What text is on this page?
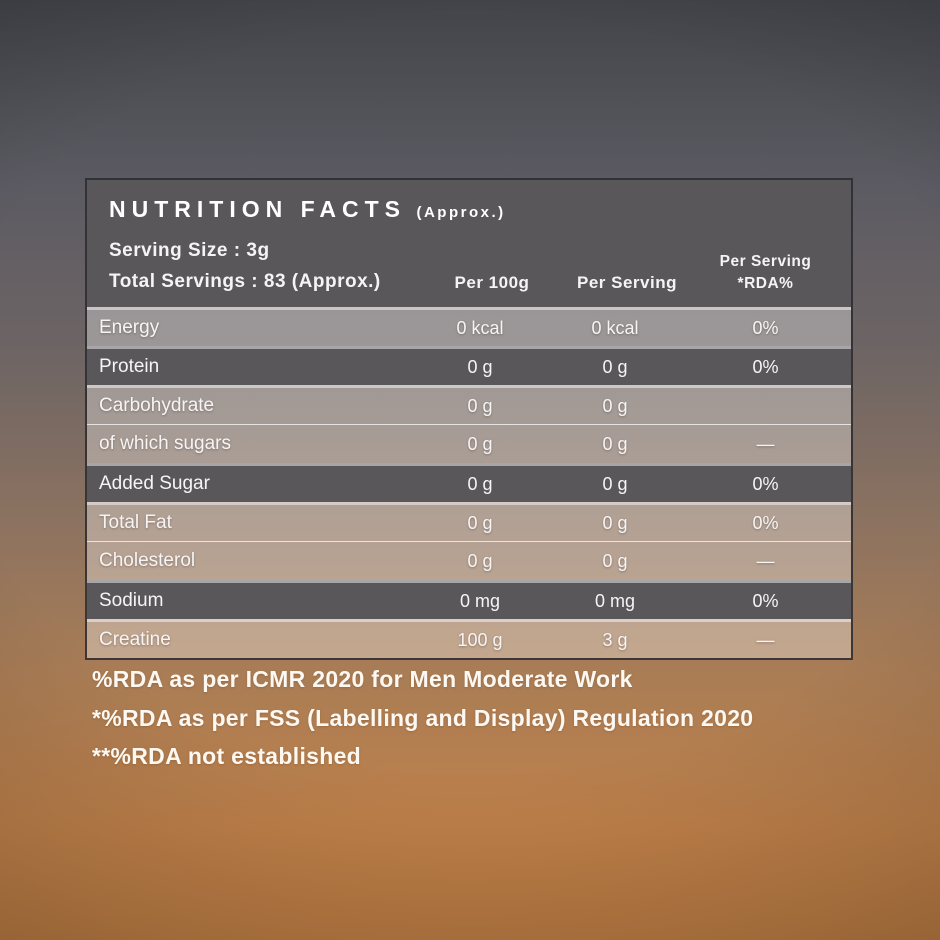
NUTRITION FACTS (Approx.)
Serving Size : 3g
Total Servings : 83 (Approx.)	Per 100g	Per Serving
Per Serving
*RDA%
Energy	0 kcal	0 kcal	0%
Protein	0 g	0 g	0%
Carbohydrate	0 g	0 g
of which sugars	0 g	0 g	—
Added Sugar	0 g	0 g	0%
Total Fat	0 g	0 g	0%
Cholesterol	0 g	0 g	—
Sodium	0 mg	0 mg	0%
Creatine	100 g	3 g	—
%RDA as per ICMR 2020 for Men Moderate Work
*%RDA as per FSS (Labelling and Display) Regulation 2020
**%RDA not established
